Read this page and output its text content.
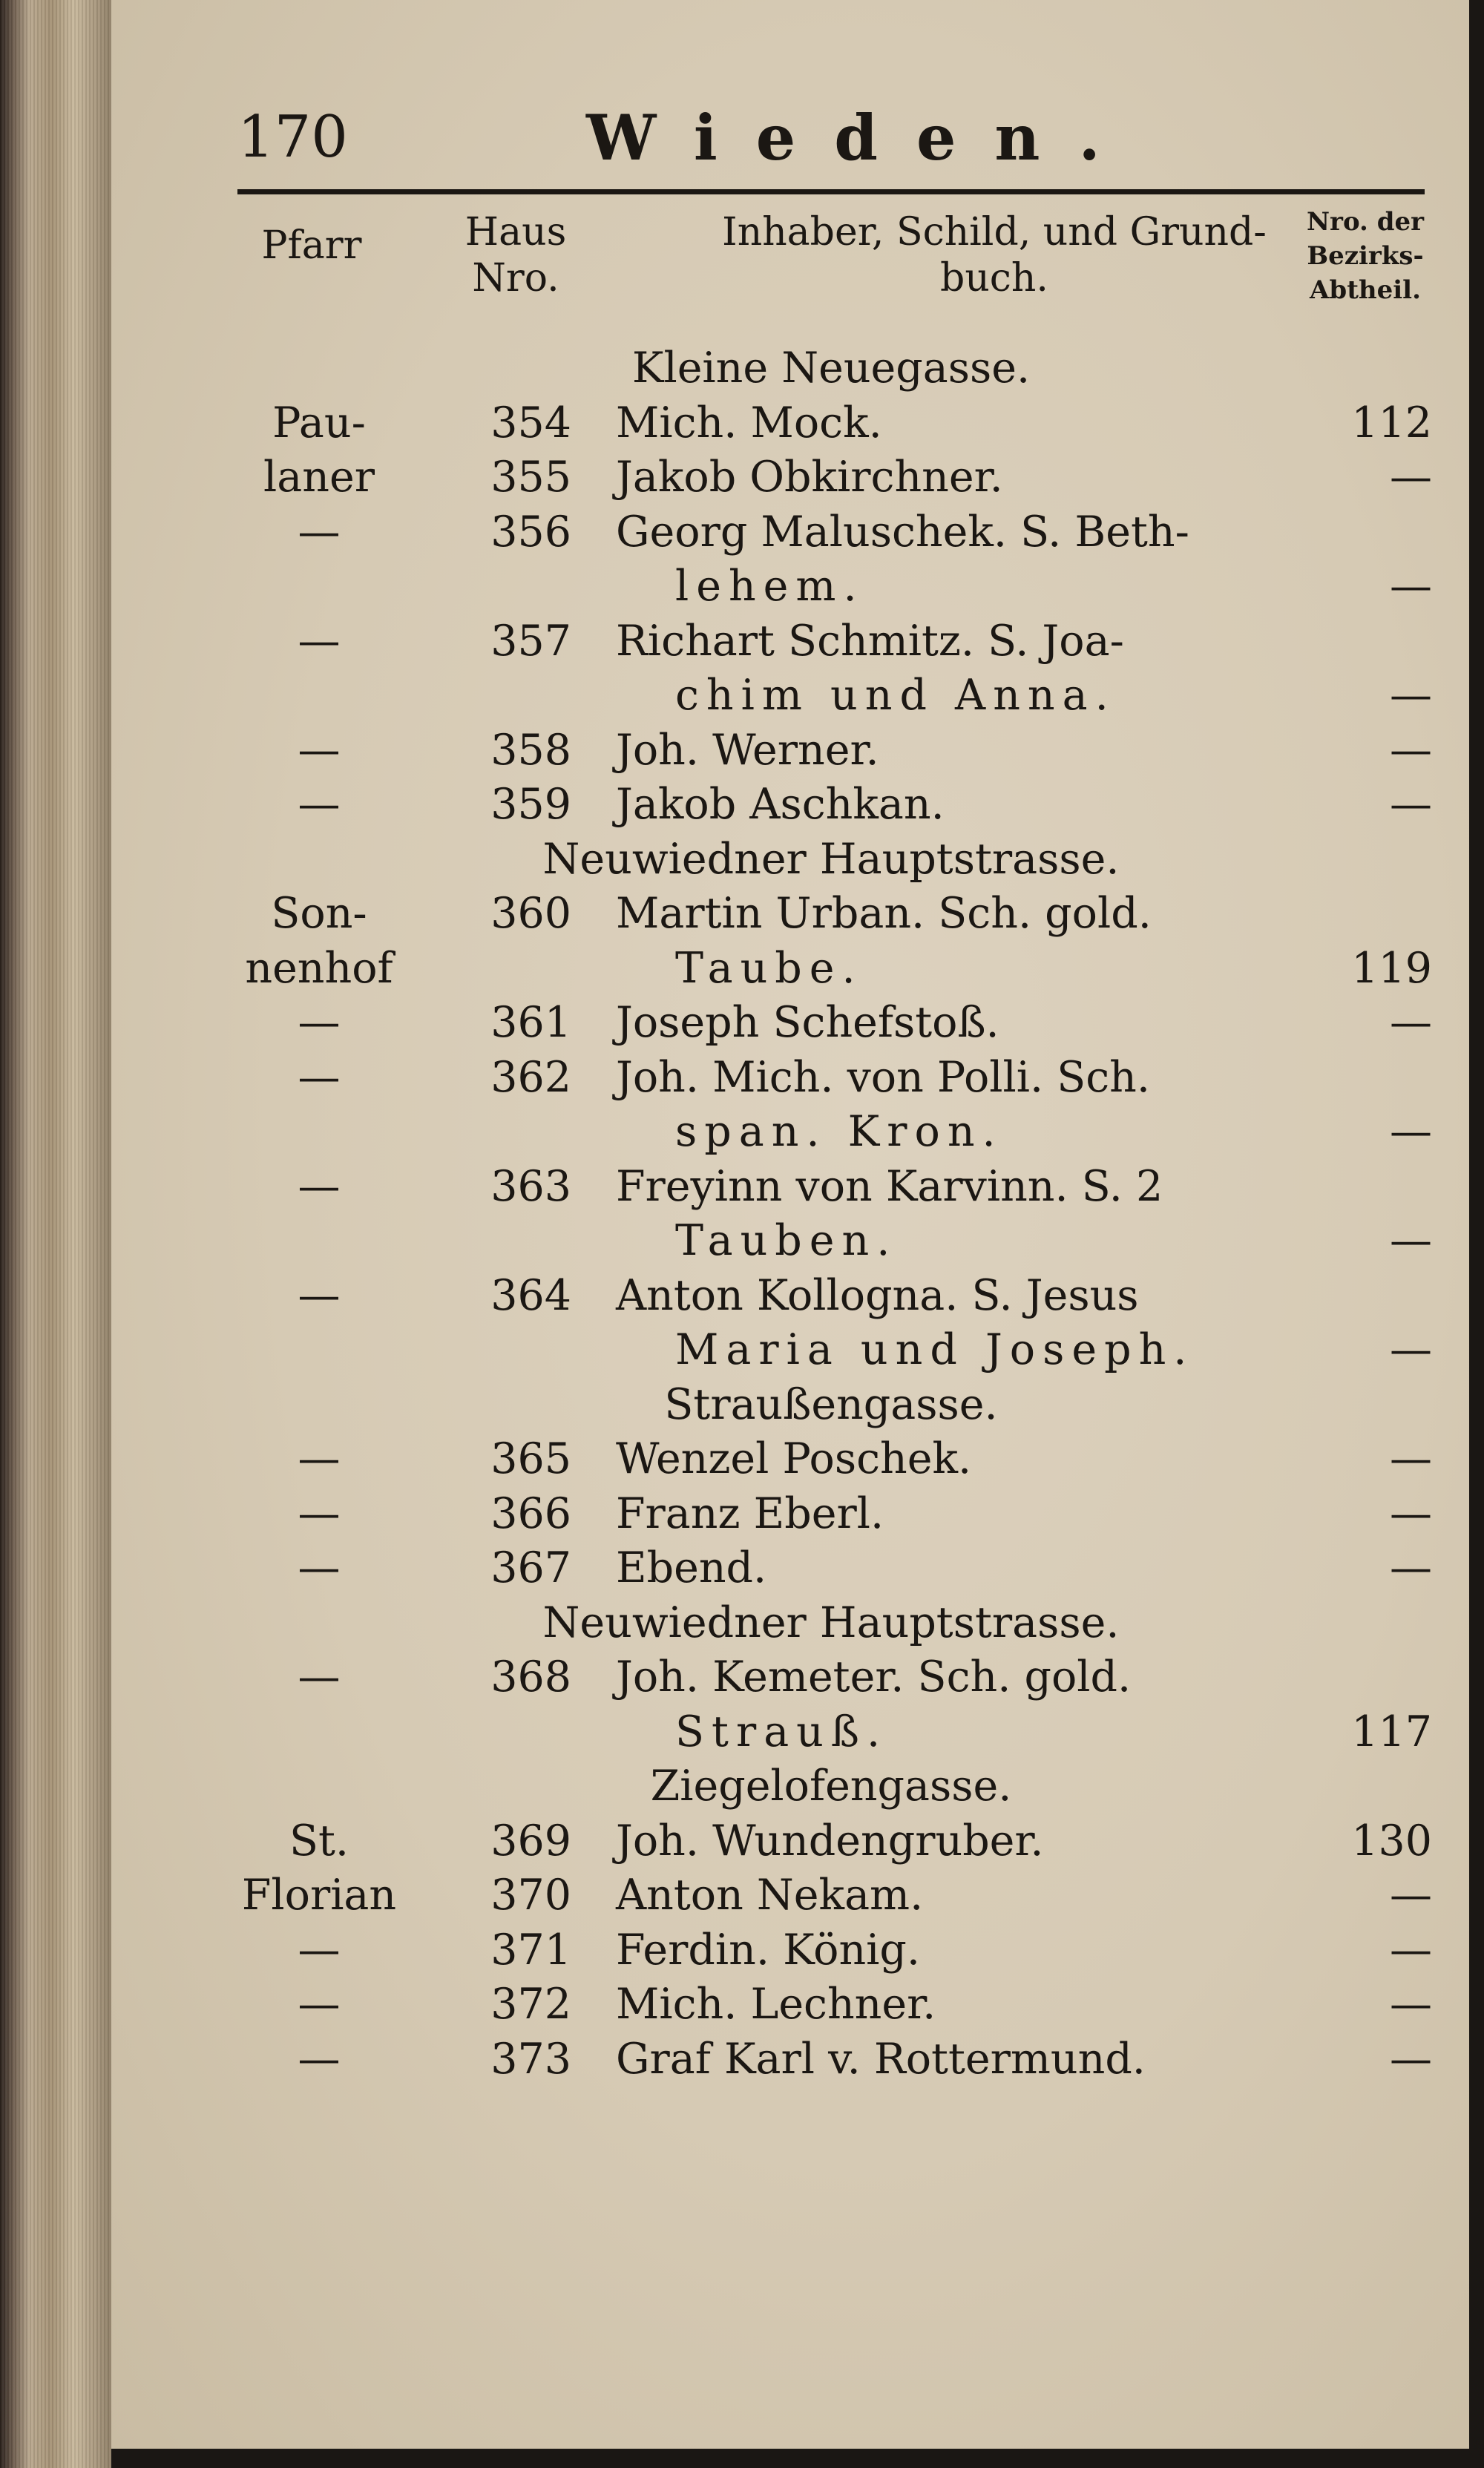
170	Wieden.
Pfarr	Haus
Nro.
Inhaber, Schild, und Grund-
buch.
Nro. der
Bezirks-
Abtheil.
Kleine Neuegasse.
Pau-	354 Mich. Mock.	112
laner	355 Jakob Obkirchner.	—
—	356 Georg Maluschek. S. Beth-
lehem.	—
—	357 Richart Schmitz. S. Joa-
chim und Anna.	—
—	358 Joh. Werner.	—
—	359 Jakob Aschkan.	—
Neuwiedner Hauptstrasse.
Son-	360 Martin Urban. Sch. gold.
nenhof	Taube.	119
—	361 Joseph Schefstoß.	—
—	362 Joh. Mich. von Polli. Sch.
span. Kron.	—
—	363 Freyinn von Karvinn. S. 2
Tauben.	—
—	364 Anton Kollogna. S. Jesus
Maria und Joseph.	—
Straußengasse.
—	365 Wenzel Poschek.	—
—	366 Franz Eberl.	—
—	367 Ebend.	—
Neuwiedner Hauptstrasse.
—	368 Joh. Kemeter. Sch. gold.
Strauß.	117
Ziegelofengasse.
St.	369 Joh. Wundengruber.	130
Florian	370 Anton Nekam.	—
—	371 Ferdin. König.	—
—	372 Mich. Lechner.	—
—	373 Graf Karl v. Rottermund.	—
